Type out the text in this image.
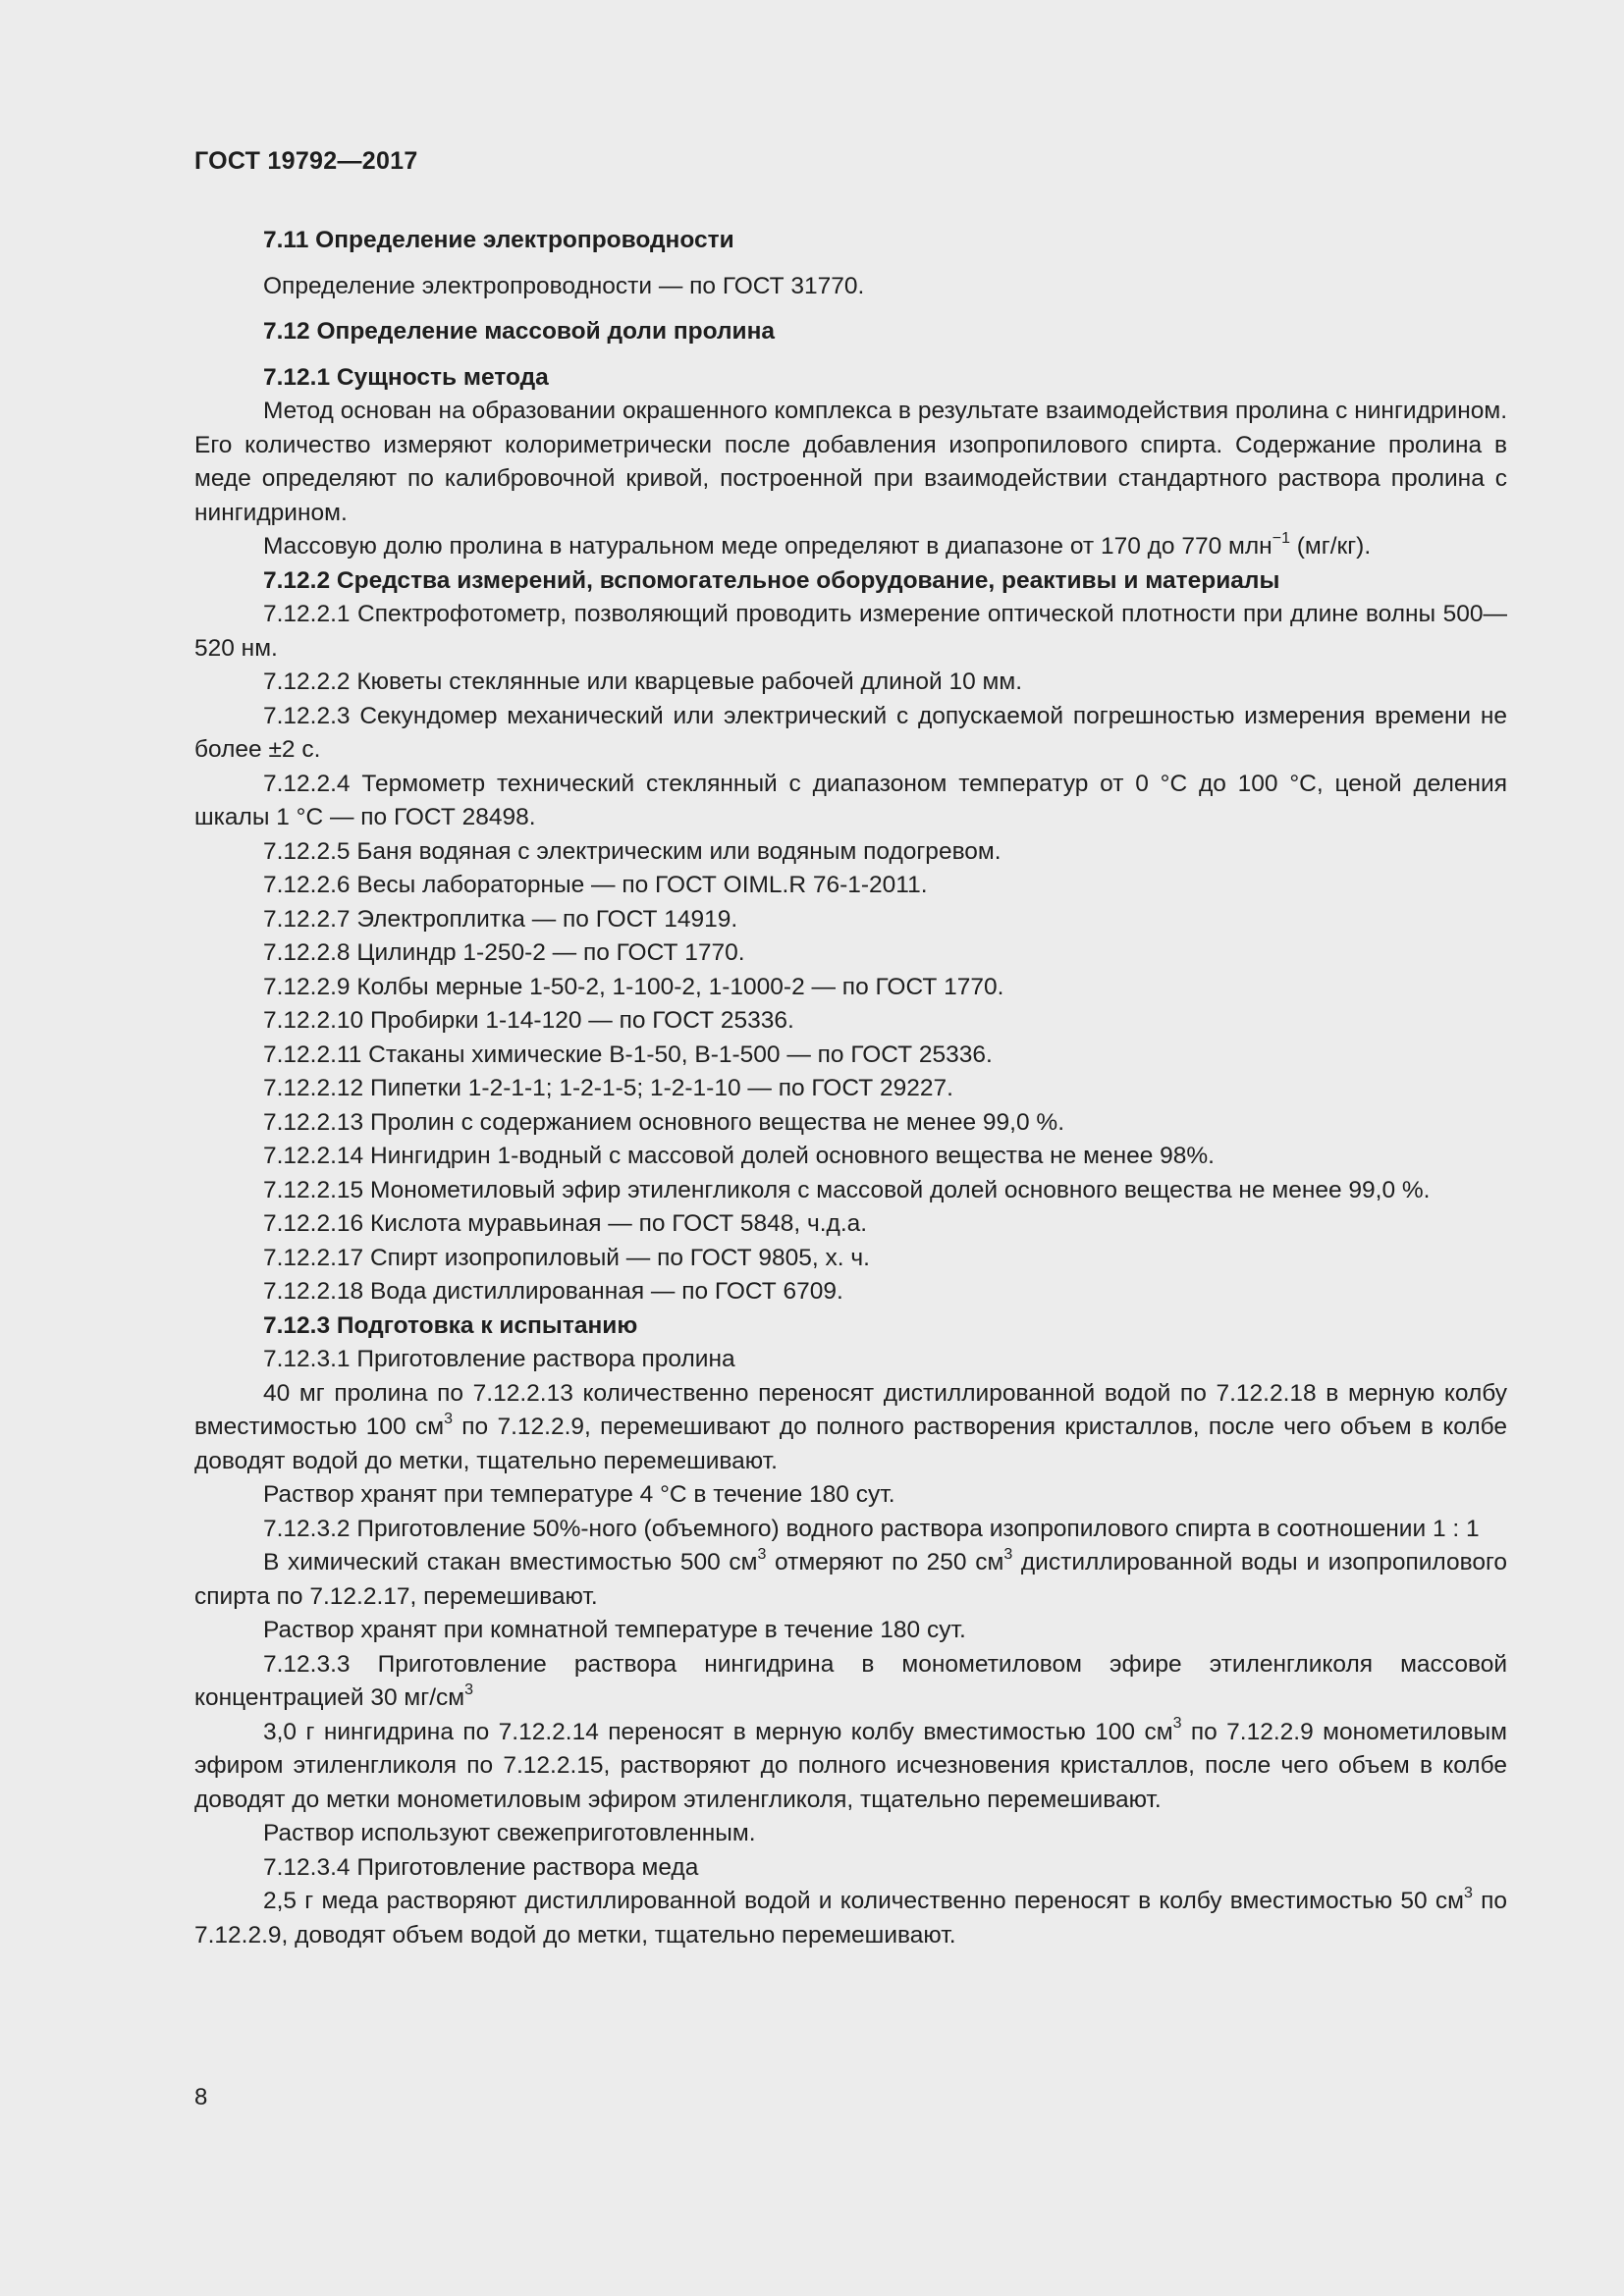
ГОСТ 19792—2017

7.11 Определение электропроводности

Определение электропроводности — по ГОСТ 31770.

7.12 Определение массовой доли пролина

7.12.1 Сущность метода

Метод основан на образовании окрашенного комплекса в результате взаимодействия пролина с нингидрином. Его количество измеряют колориметрически после добавления изопропилового спирта. Содержание пролина в меде определяют по калибровочной кривой, построенной при взаимодействии стандартного раствора пролина с нингидрином.

Массовую долю пролина в натуральном меде определяют в диапазоне от 170 до 770 млн$^{-1}$ (мг/кг).

7.12.2 Средства измерений, вспомогательное оборудование, реактивы и материалы

7.12.2.1 Спектрофотометр, позволяющий проводить измерение оптической плотности при длине волны 500—520 нм.

7.12.2.2 Кюветы стеклянные или кварцевые рабочей длиной 10 мм.

7.12.2.3 Секундомер механический или электрический с допускаемой погрешностью измерения времени не более ±2 с.

7.12.2.4 Термометр технический стеклянный с диапазоном температур от 0 °С до 100 °С, ценой деления шкалы 1 °С — по ГОСТ 28498.

7.12.2.5 Баня водяная с электрическим или водяным подогревом.

7.12.2.6 Весы лабораторные — по ГОСТ OIML.R 76-1-2011.

7.12.2.7 Электроплитка — по ГОСТ 14919.

7.12.2.8 Цилиндр 1-250-2 — по ГОСТ 1770.

7.12.2.9 Колбы мерные 1-50-2, 1-100-2, 1-1000-2 — по ГОСТ 1770.

7.12.2.10 Пробирки 1-14-120 — по ГОСТ 25336.

7.12.2.11 Стаканы химические В-1-50, В-1-500 — по ГОСТ 25336.

7.12.2.12 Пипетки 1-2-1-1; 1-2-1-5; 1-2-1-10 — по ГОСТ 29227.

7.12.2.13 Пролин с содержанием основного вещества не менее 99,0 %.

7.12.2.14 Нингидрин 1-водный с массовой долей основного вещества не менее 98%.

7.12.2.15 Монометиловый эфир этиленгликоля с массовой долей основного вещества не менее 99,0 %.

7.12.2.16 Кислота муравьиная — по ГОСТ 5848, ч.д.а.

7.12.2.17 Спирт изопропиловый — по ГОСТ 9805, х. ч.

7.12.2.18 Вода дистиллированная — по ГОСТ 6709.

7.12.3 Подготовка к испытанию

7.12.3.1 Приготовление раствора пролина

40 мг пролина по 7.12.2.13 количественно переносят дистиллированной водой по 7.12.2.18 в мерную колбу вместимостью 100 $см^3$ по 7.12.2.9, перемешивают до полного растворения кристаллов, после чего объем в колбе доводят водой до метки, тщательно перемешивают.

Раствор хранят при температуре 4 °С в течение 180 сут.

7.12.3.2 Приготовление 50%-ного (объемного) водного раствора изопропилового спирта в соотношении 1 : 1

В химический стакан вместимостью 500 $см^3$ отмеряют по 250 $см^3$ дистиллированной воды и изопропилового спирта по 7.12.2.17, перемешивают.

Раствор хранят при комнатной температуре в течение 180 сут.

7.12.3.3 Приготовление раствора нингидрина в монометиловом эфире этиленгликоля массовой концентрацией 30 $мг/см^3$

3,0 г нингидрина по 7.12.2.14 переносят в мерную колбу вместимостью 100 $см^3$ по 7.12.2.9 монометиловым эфиром этиленгликоля по 7.12.2.15, растворяют до полного исчезновения кристаллов, после чего объем в колбе доводят до метки монометиловым эфиром этиленгликоля, тщательно перемешивают.

Раствор используют свежеприготовленным.

7.12.3.4 Приготовление раствора меда

2,5 г меда растворяют дистиллированной водой и количественно переносят в колбу вместимостью 50 $см^3$ по 7.12.2.9, доводят объем водой до метки, тщательно перемешивают.

8
